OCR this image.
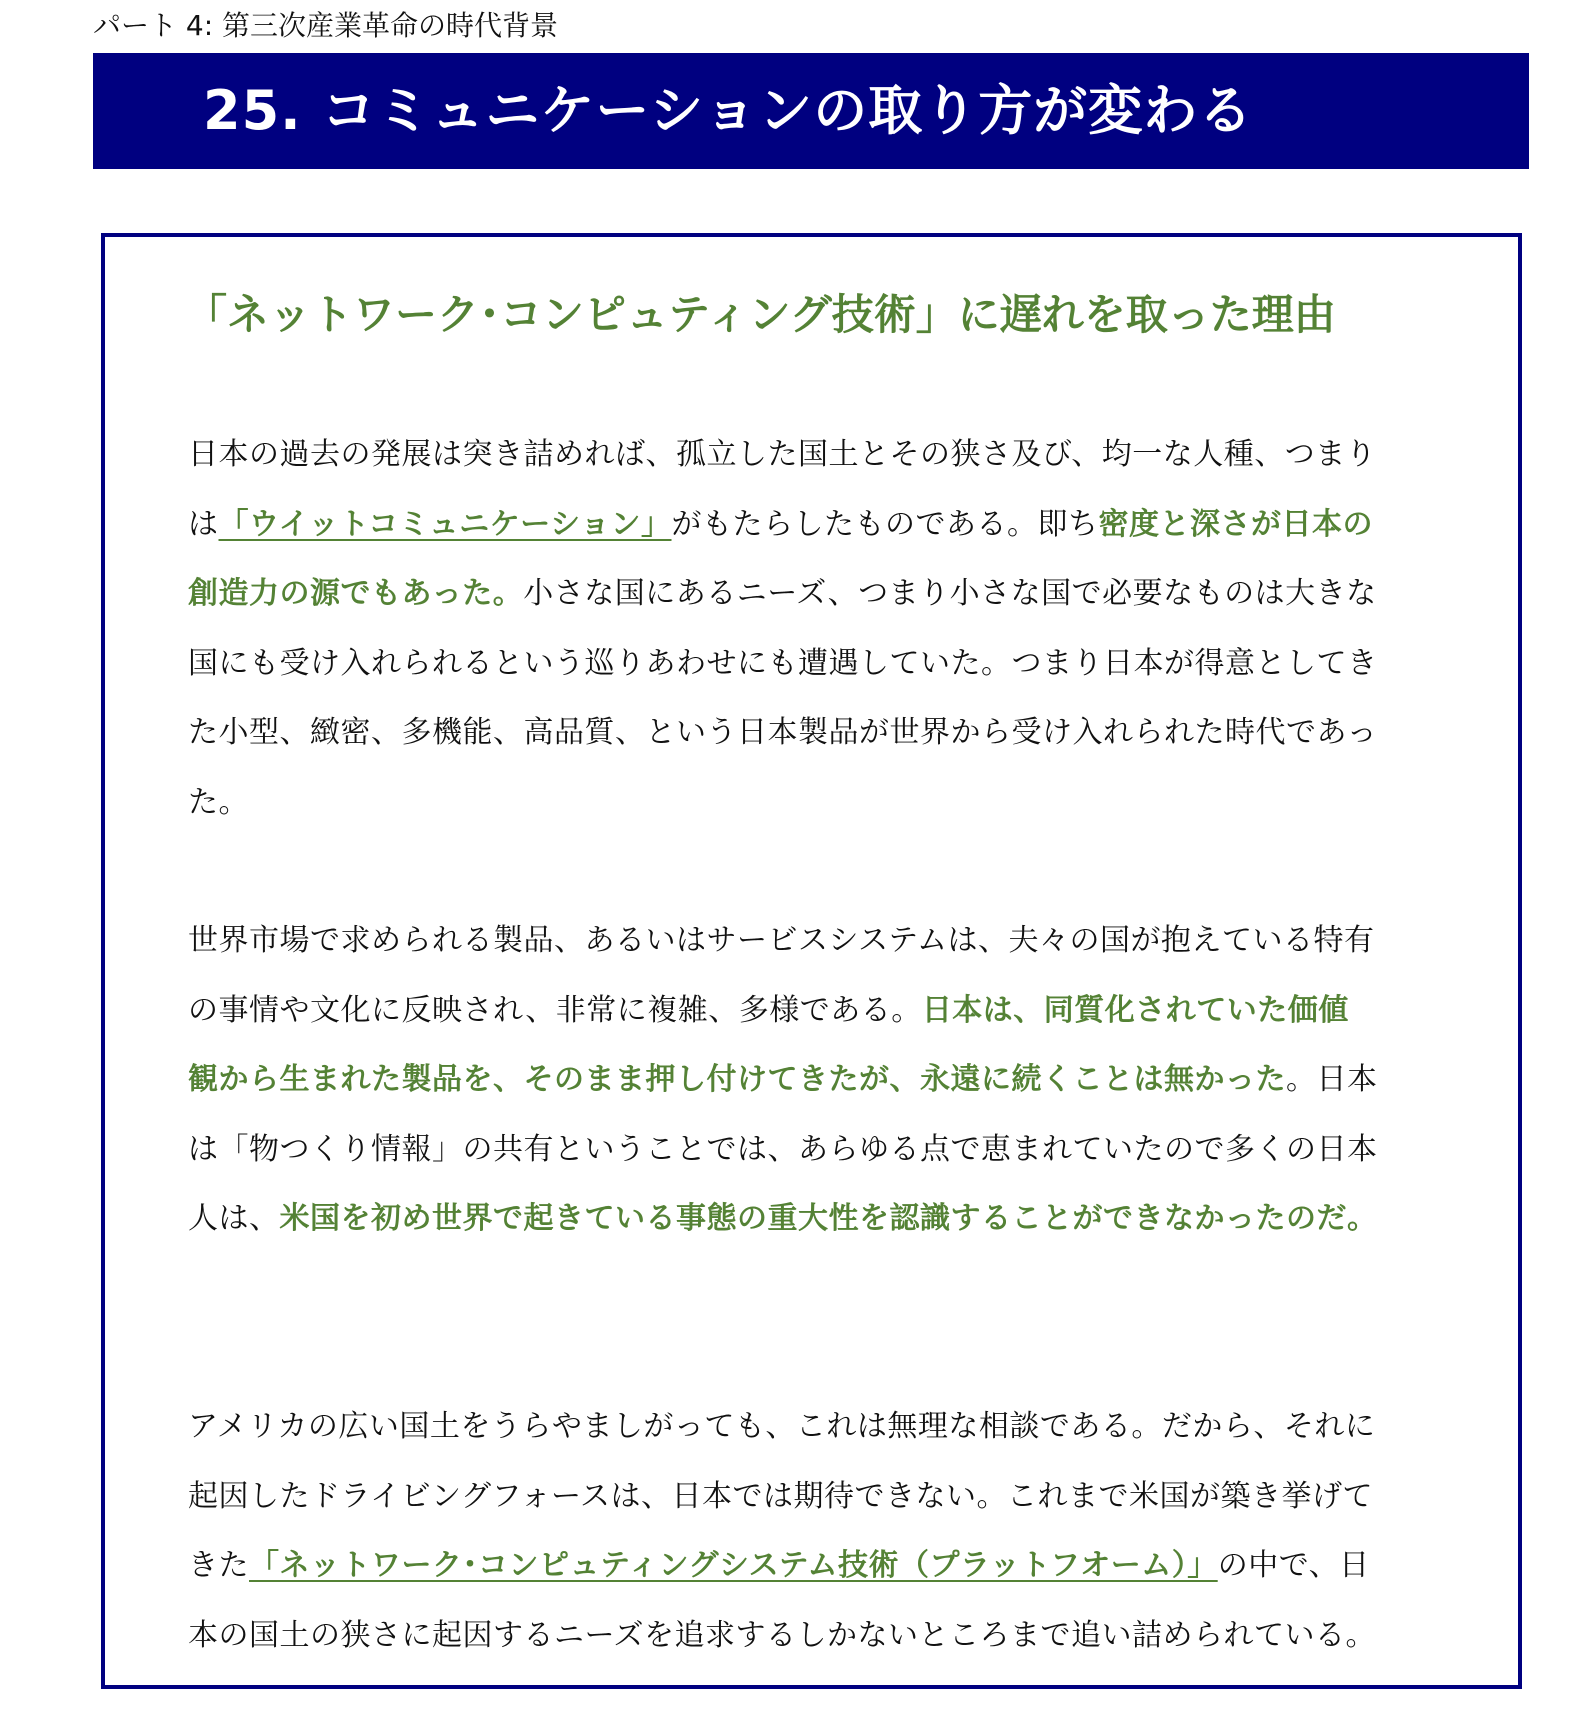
パート 4: 第三次産業革命の時代背景
25. コミュニケーションの取り方が変わる
「ネットワーク･コンピュティング技術」に遅れを取った理由
日本の過去の発展は突き詰めれば、孤立した国土とその狭さ及び、均一な人種、つまりは「ウイットコミュニケーション」がもたらしたものである。即ち密度と深さが日本の創造力の源でもあった。小さな国にあるニーズ、つまり小さな国で必要なものは大きな国にも受け入れられるという巡りあわせにも遭遇していた。つまり日本が得意としてきた小型、緻密、多機能、高品質、という日本製品が世界から受け入れられた時代であった。
世界市場で求められる製品、あるいはサービスシステムは、夫々の国が抱えている特有の事情や文化に反映され、非常に複雑、多様である。日本は、同質化されていた価値観から生まれた製品を、そのまま押し付けてきたが、永遠に続くことは無かった。日本は「物つくり情報」の共有ということでは、あらゆる点で恵まれていたので多くの日本人は、米国を初め世界で起きている事態の重大性を認識することができなかったのだ。
アメリカの広い国土をうらやましがっても、これは無理な相談である。だから、それに起因したドライビングフォースは、日本では期待できない。これまで米国が築き挙げてきた「ネットワーク･コンピュティングシステム技術（プラットフオーム）」の中で、日本の国土の狭さに起因するニーズを追求するしかないところまで追い詰められている。
